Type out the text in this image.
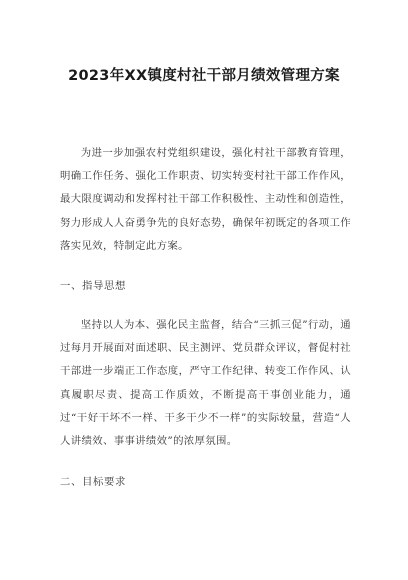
2023年XX镇度村社干部月绩效管理方案

为进一步加强农村党组织建设，强化村社干部教育管理，明确工作任务、强化工作职责、切实转变村社干部工作作风，最大限度调动和发挥村社干部工作积极性、主动性和创造性，努力形成人人奋勇争先的良好态势，确保年初既定的各项工作落实见效，特制定此方案。

一、指导思想

坚持以人为本、强化民主监督，结合“三抓三促”行动，通过每月开展面对面述职、民主测评、党员群众评议，督促村社干部进一步端正工作态度，严守工作纪律、转变工作作风、认真履职尽责、提高工作质效，不断提高干事创业能力，通过“干好干坏不一样、干多干少不一样”的实际较量，营造“人人讲绩效、事事讲绩效”的浓厚氛围。

二、目标要求
